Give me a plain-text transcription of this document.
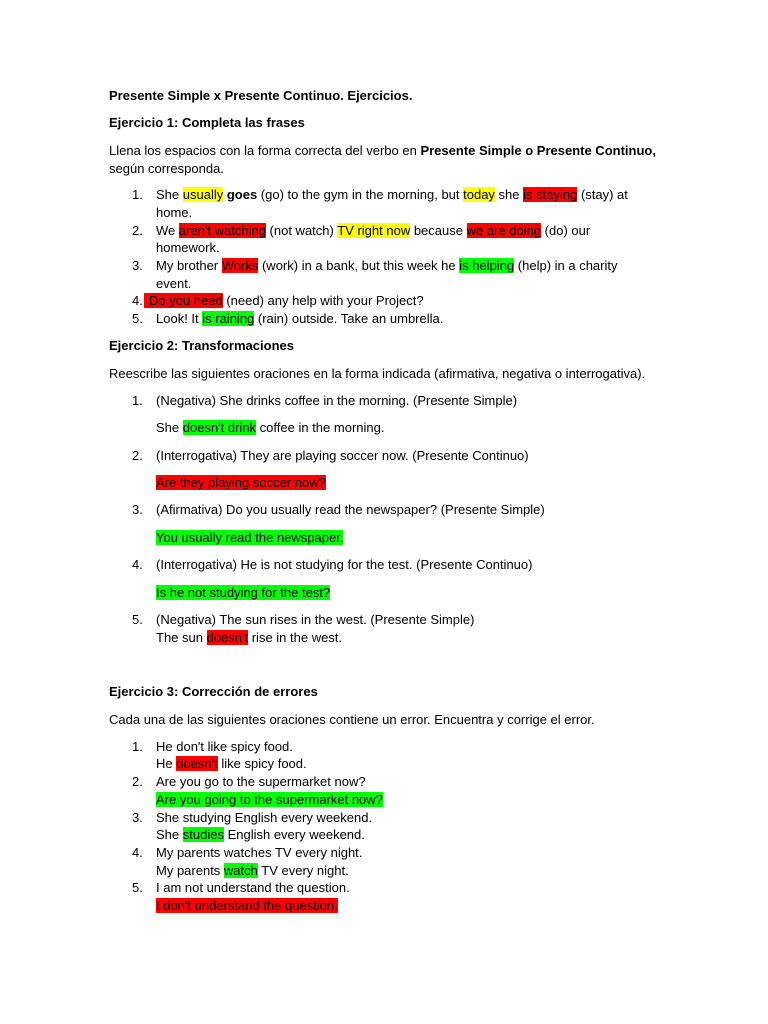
Presente Simple x Presente Continuo. Ejercicios.
Ejercicio 1: Completa las frases
Llena los espacios con la forma correcta del verbo en Presente Simple o Presente Continuo,
según corresponda.
1. She usually goes (go) to the gym in the morning, but today she is staying (stay) at
home.
2. We aren't watching (not watch) TV right now because we are doing (do) our
homework.
3. My brother Works (work) in a bank, but this week he is helping (help) in a charity
event.
4. Do you need (need) any help with your Project?
5. Look! It is raining (rain) outside. Take an umbrella.
Ejercicio 2: Transformaciones
Reescribe las siguientes oraciones en la forma indicada (afirmativa, negativa o interrogativa).
1. (Negativa) She drinks coffee in the morning. (Presente Simple)
She doesn't drink coffee in the morning.
2. (Interrogativa) They are playing soccer now. (Presente Continuo)
Are they playing soccer now?
3. (Afirmativa) Do you usually read the newspaper? (Presente Simple)
You usually read the newspaper.
4. (Interrogativa) He is not studying for the test. (Presente Continuo)
Is he not studying for the test?
5. (Negativa) The sun rises in the west. (Presente Simple)
The sun doesn't rise in the west.
Ejercicio 3: Corrección de errores
Cada una de las siguientes oraciones contiene un error. Encuentra y corrige el error.
1. He don't like spicy food.
He doesn't like spicy food.
2. Are you go to the supermarket now?
Are you going to the supermarket now?
3. She studying English every weekend.
She studies English every weekend.
4. My parents watches TV every night.
My parents watch TV every night.
5. I am not understand the question.
I don't understand the question.
